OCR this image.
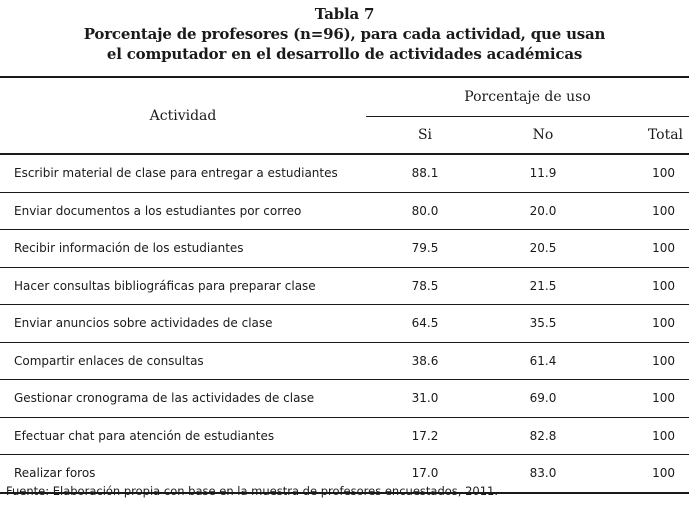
Tabla 7
Porcentaje de profesores (n=96), para cada actividad, que usan
el computador en el desarrollo de actividades académicas
Actividad	Porcentaje de uso		
	Si	No	Total
Escribir material de clase para entregar a estudiantes	88.1	11.9	100
Enviar documentos a los estudiantes por correo	80.0	20.0	100
Recibir información de los estudiantes	79.5	20.5	100
Hacer consultas bibliográficas para preparar clase	78.5	21.5	100
Enviar anuncios sobre actividades de clase	64.5	35.5	100
Compartir enlaces de consultas	38.6	61.4	100
Gestionar cronograma de las actividades de clase	31.0	69.0	100
Efectuar chat para atención de estudiantes	17.2	82.8	100
Realizar foros	17.0	83.0	100
Fuente: Elaboración propia con base en la muestra de profesores encuestados, 2011.
